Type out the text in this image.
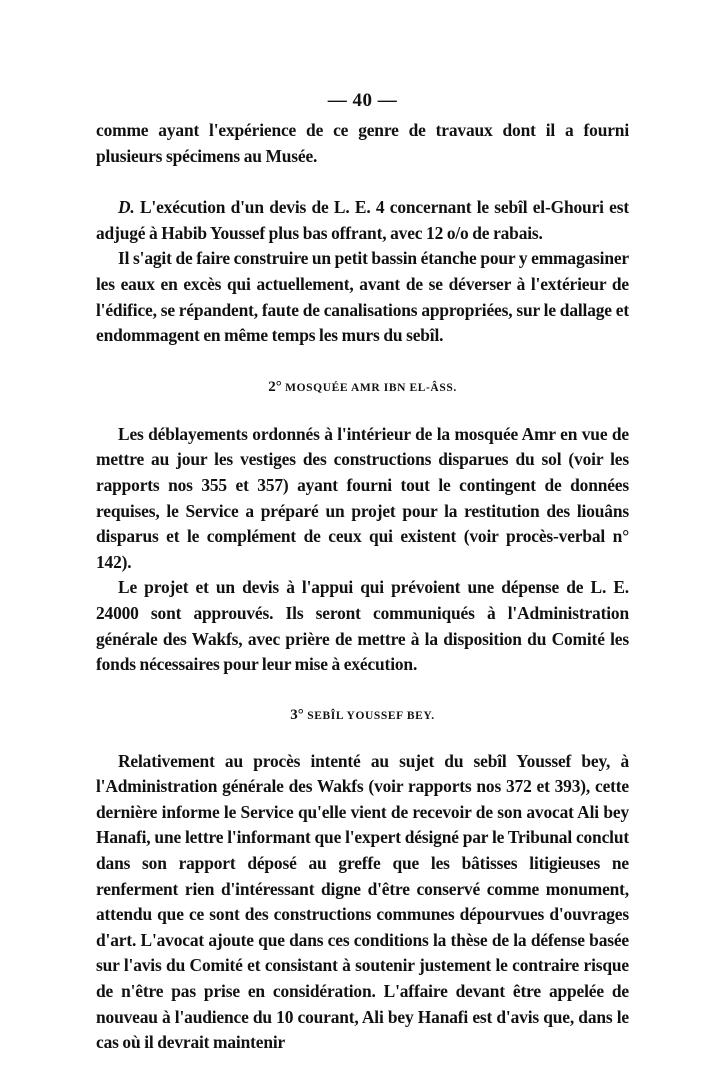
— 40 —

comme ayant l'expérience de ce genre de travaux dont il a fourni plusieurs spécimens au Musée.

D. L'exécution d'un devis de L. E. 4 concernant le sebîl el-Ghouri est adjugé à Habib Youssef plus bas offrant, avec 12 o/o de rabais.

Il s'agit de faire construire un petit bassin étanche pour y emmagasiner les eaux en excès qui actuellement, avant de se déverser à l'extérieur de l'édifice, se répandent, faute de canalisations appropriées, sur le dallage et endommagent en même temps les murs du sebîl.

2° MOSQUÉE AMR IBN EL-ÂSS.

Les déblayements ordonnés à l'intérieur de la mosquée Amr en vue de mettre au jour les vestiges des constructions disparues du sol (voir les rapports nos 355 et 357) ayant fourni tout le contingent de données requises, le Service a préparé un projet pour la restitution des liouâns disparus et le complément de ceux qui existent (voir procès-verbal n° 142).

Le projet et un devis à l'appui qui prévoient une dépense de L. E. 24000 sont approuvés. Ils seront communiqués à l'Administration générale des Wakfs, avec prière de mettre à la disposition du Comité les fonds nécessaires pour leur mise à exécution.

3° SEBÎL YOUSSEF BEY.

Relativement au procès intenté au sujet du sebîl Youssef bey, à l'Administration générale des Wakfs (voir rapports nos 372 et 393), cette dernière informe le Service qu'elle vient de recevoir de son avocat Ali bey Hanafi, une lettre l'informant que l'expert désigné par le Tribunal conclut dans son rapport déposé au greffe que les bâtisses litigieuses ne renferment rien d'intéressant digne d'être conservé comme monument, attendu que ce sont des constructions communes dépourvues d'ouvrages d'art. L'avocat ajoute que dans ces conditions la thèse de la défense basée sur l'avis du Comité et consistant à soutenir justement le contraire risque de n'être pas prise en considération. L'affaire devant être appelée de nouveau à l'audience du 10 courant, Ali bey Hanafi est d'avis que, dans le cas où il devrait maintenir
